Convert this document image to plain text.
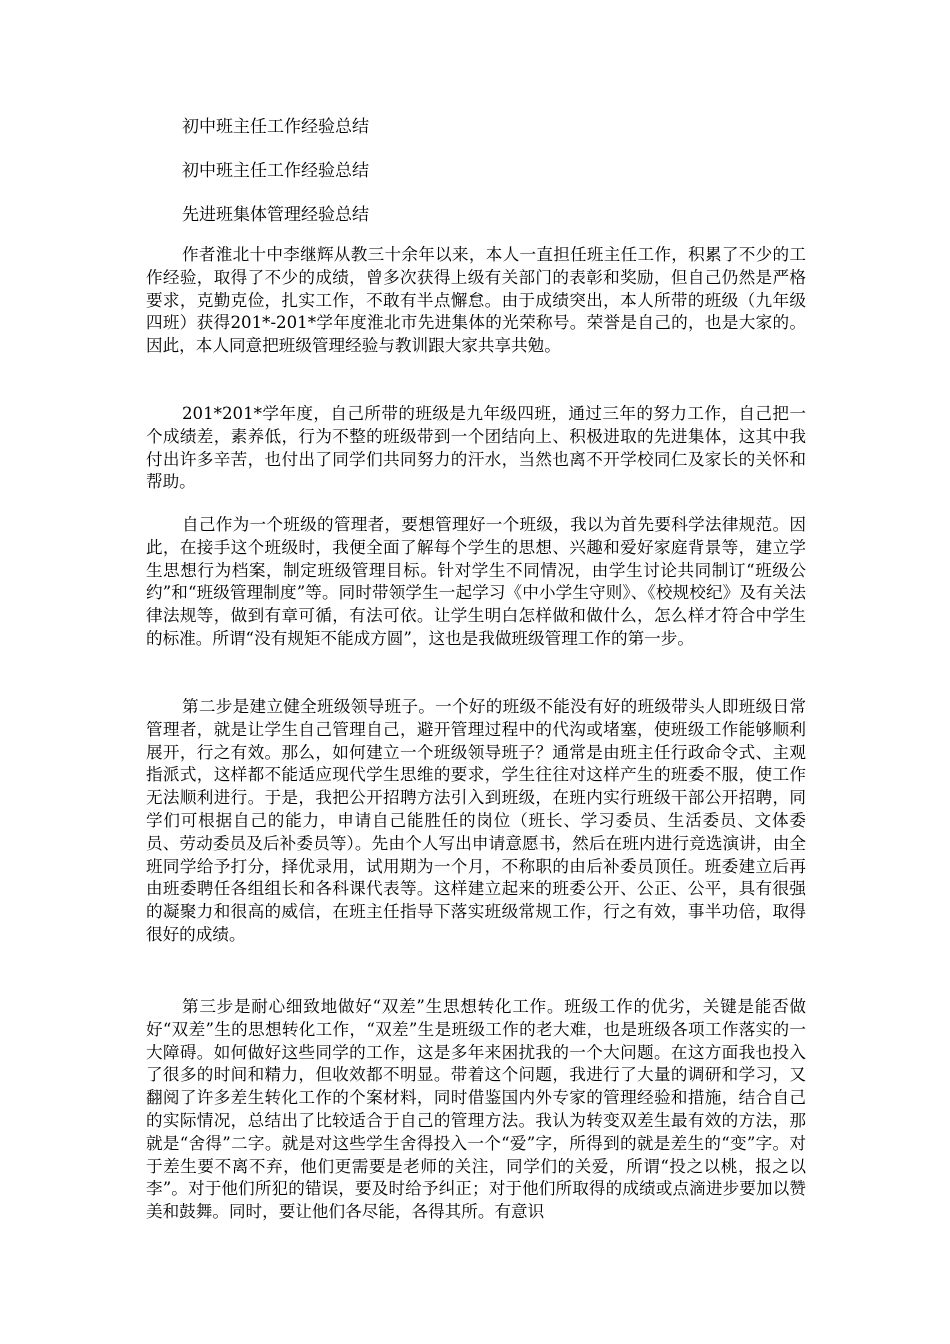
初中班主任工作经验总结

初中班主任工作经验总结

先进班集体管理经验总结

作者淮北十中李继辉从教三十余年以来，本人一直担任班主任工作，积累了不少的工作经验，取得了不少的成绩，曾多次获得上级有关部门的表彰和奖励，但自己仍然是严格要求，克勤克俭，扎实工作，不敢有半点懈怠。由于成绩突出，本人所带的班级（九年级四班）获得201*-201*学年度淮北市先进集体的光荣称号。荣誉是自己的，也是大家的。因此，本人同意把班级管理经验与教训跟大家共享共勉。

201*201*学年度，自己所带的班级是九年级四班，通过三年的努力工作，自己把一个成绩差，素养低，行为不整的班级带到一个团结向上、积极进取的先进集体，这其中我付出许多辛苦，也付出了同学们共同努力的汗水，当然也离不开学校同仁及家长的关怀和帮助。

自己作为一个班级的管理者，要想管理好一个班级，我以为首先要科学法律规范。因此，在接手这个班级时，我便全面了解每个学生的思想、兴趣和爱好家庭背景等，建立学生思想行为档案，制定班级管理目标。针对学生不同情况，由学生讨论共同制订“班级公约”和“班级管理制度”等。同时带领学生一起学习《中小学生守则》、《校规校纪》及有关法律法规等，做到有章可循，有法可依。让学生明白怎样做和做什么，怎么样才符合中学生的标准。所谓“没有规矩不能成方圆”，这也是我做班级管理工作的第一步。

第二步是建立健全班级领导班子。一个好的班级不能没有好的班级带头人即班级日常管理者，就是让学生自己管理自己，避开管理过程中的代沟或堵塞，使班级工作能够顺利展开，行之有效。那么，如何建立一个班级领导班子？通常是由班主任行政命令式、主观指派式，这样都不能适应现代学生思维的要求，学生往往对这样产生的班委不服，使工作无法顺利进行。于是，我把公开招聘方法引入到班级，在班内实行班级干部公开招聘，同学们可根据自己的能力，申请自己能胜任的岗位（班长、学习委员、生活委员、文体委员、劳动委员及后补委员等）。先由个人写出申请意愿书，然后在班内进行竞选演讲，由全班同学给予打分，择优录用，试用期为一个月，不称职的由后补委员顶任。班委建立后再由班委聘任各组组长和各科课代表等。这样建立起来的班委公开、公正、公平，具有很强的凝聚力和很高的威信，在班主任指导下落实班级常规工作，行之有效，事半功倍，取得很好的成绩。

第三步是耐心细致地做好“双差”生思想转化工作。班级工作的优劣，关键是能否做好“双差”生的思想转化工作，“双差”生是班级工作的老大难，也是班级各项工作落实的一大障碍。如何做好这些同学的工作，这是多年来困扰我的一个大问题。在这方面我也投入了很多的时间和精力，但收效都不明显。带着这个问题，我进行了大量的调研和学习，又翻阅了许多差生转化工作的个案材料，同时借鉴国内外专家的管理经验和措施，结合自己的实际情况，总结出了比较适合于自己的管理方法。我认为转变双差生最有效的方法，那就是“舍得”二字。就是对这些学生舍得投入一个“爱”字，所得到的就是差生的“变”字。对于差生要不离不弃，他们更需要是老师的关注，同学们的关爱，所谓“投之以桃，报之以李”。对于他们所犯的错误，要及时给予纠正；对于他们所取得的成绩或点滴进步要加以赞美和鼓舞。同时，要让他们各尽能，各得其所。有意识
